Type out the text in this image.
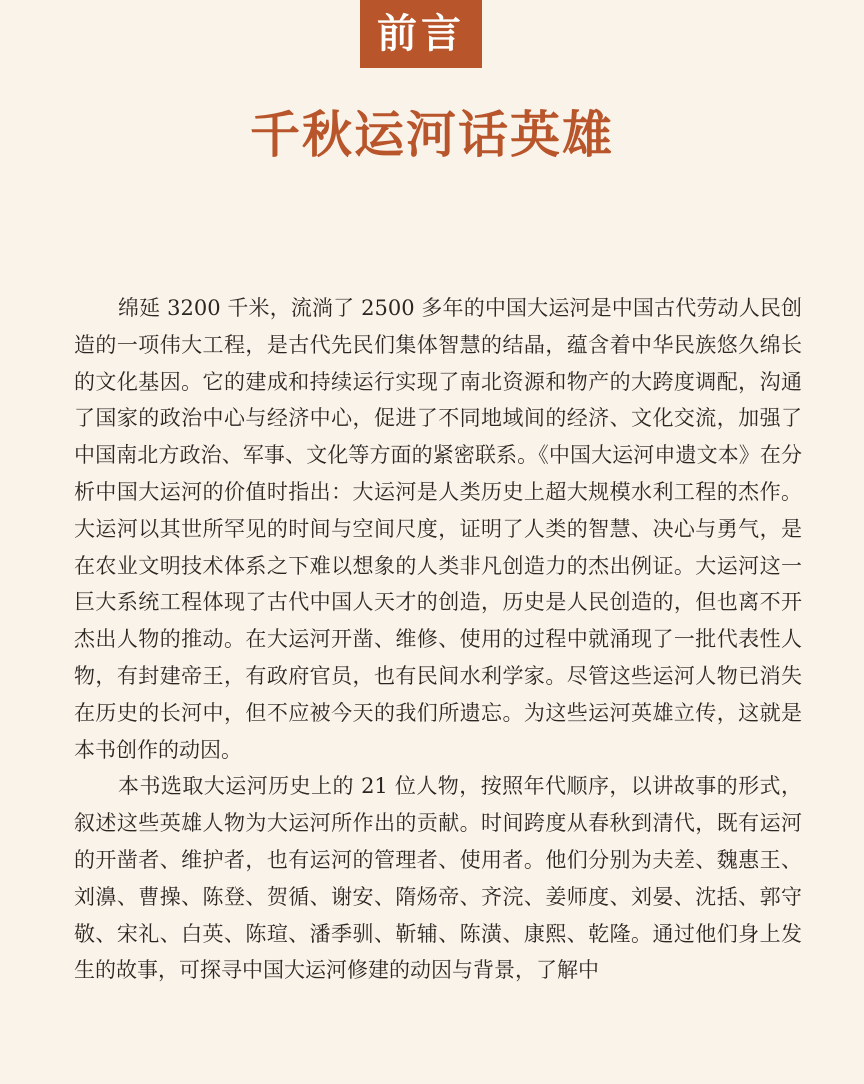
前言
千秋运河话英雄

绵延 3200 千米，流淌了 2500 多年的中国大运河是中国古代劳动人民创造的一项伟大工程，是古代先民们集体智慧的结晶，蕴含着中华民族悠久绵长的文化基因。它的建成和持续运行实现了南北资源和物产的大跨度调配，沟通了国家的政治中心与经济中心，促进了不同地域间的经济、文化交流，加强了中国南北方政治、军事、文化等方面的紧密联系。《中国大运河申遗文本》在分析中国大运河的价值时指出：大运河是人类历史上超大规模水利工程的杰作。大运河以其世所罕见的时间与空间尺度，证明了人类的智慧、决心与勇气，是在农业文明技术体系之下难以想象的人类非凡创造力的杰出例证。大运河这一巨大系统工程体现了古代中国人天才的创造，历史是人民创造的，但也离不开杰出人物的推动。在大运河开凿、维修、使用的过程中就涌现了一批代表性人物，有封建帝王，有政府官员，也有民间水利学家。尽管这些运河人物已消失在历史的长河中，但不应被今天的我们所遗忘。为这些运河英雄立传，这就是本书创作的动因。

本书选取大运河历史上的 21 位人物，按照年代顺序，以讲故事的形式，叙述这些英雄人物为大运河所作出的贡献。时间跨度从春秋到清代，既有运河的开凿者、维护者，也有运河的管理者、使用者。他们分别为夫差、魏惠王、刘濞、曹操、陈登、贺循、谢安、隋炀帝、齐浣、姜师度、刘晏、沈括、郭守敬、宋礼、白英、陈瑄、潘季驯、靳辅、陈潢、康熙、乾隆。通过他们身上发生的故事，可探寻中国大运河修建的动因与背景，了解中
